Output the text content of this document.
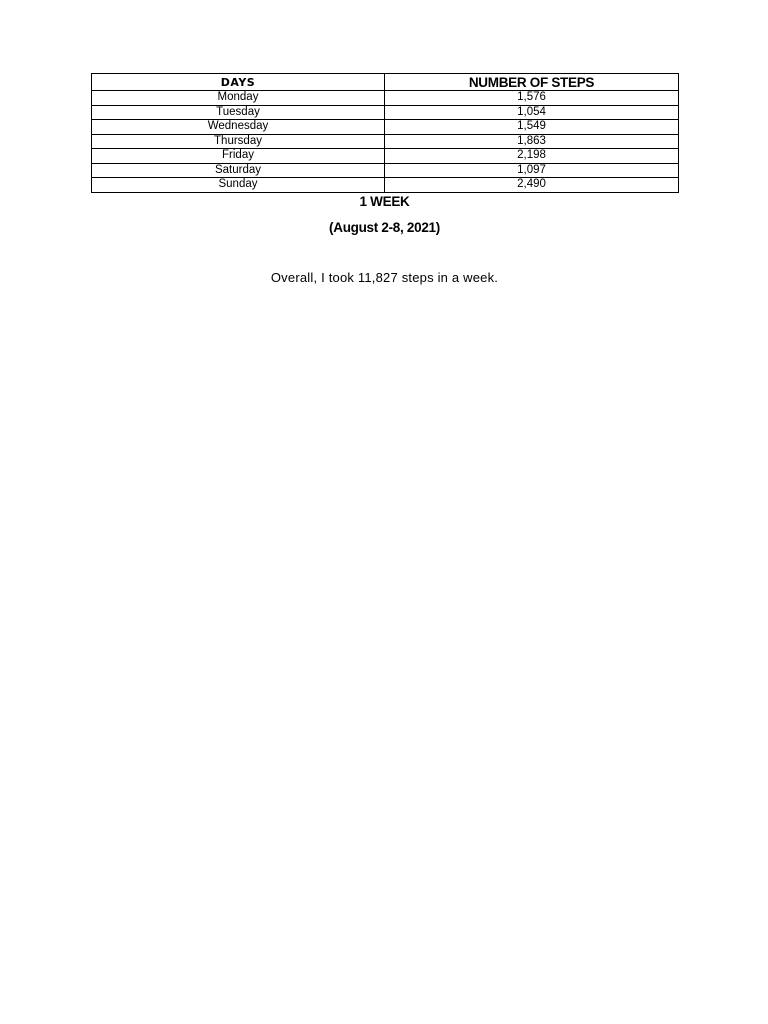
DAYS	NUMBER OF STEPS
Monday	1,576
Tuesday	1,054
Wednesday	1,549
Thursday	1,863
Friday	2,198
Saturday	1,097
Sunday	2,490
1 WEEK
(August 2-8, 2021)
Overall, I took 11,827 steps in a week.
